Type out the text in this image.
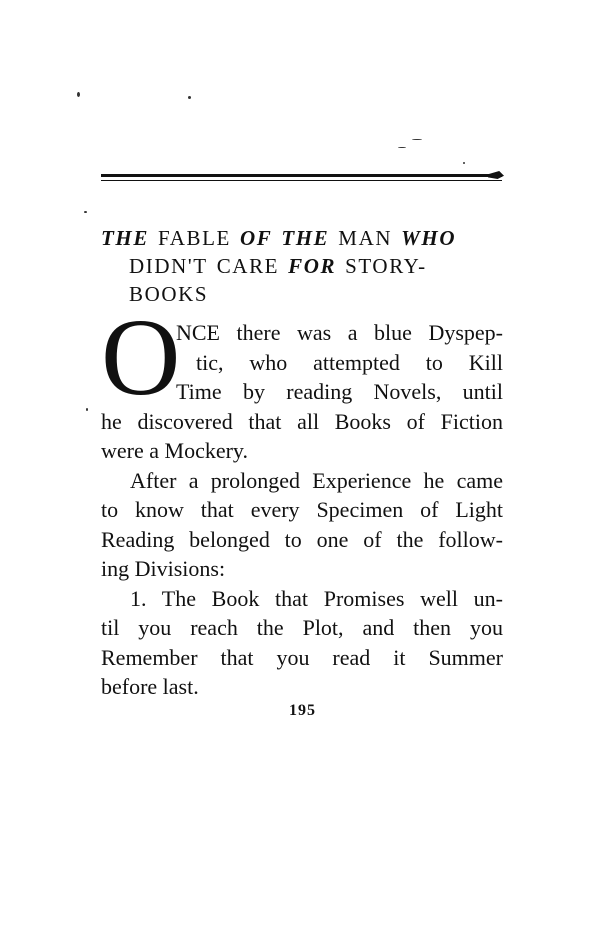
THE FABLE OF THE MAN WHO
DIDN'T CARE FOR STORY-
BOOKS
O
NCE there was a blue Dyspep-
tic, who attempted to Kill
Time by reading Novels, until
he discovered that all Books of Fiction
were a Mockery.
After a prolonged Experience he came
to know that every Specimen of Light
Reading belonged to one of the follow-
ing Divisions:
1. The Book that Promises well un-
til you reach the Plot, and then you
Remember that you read it Summer
before last.
195
